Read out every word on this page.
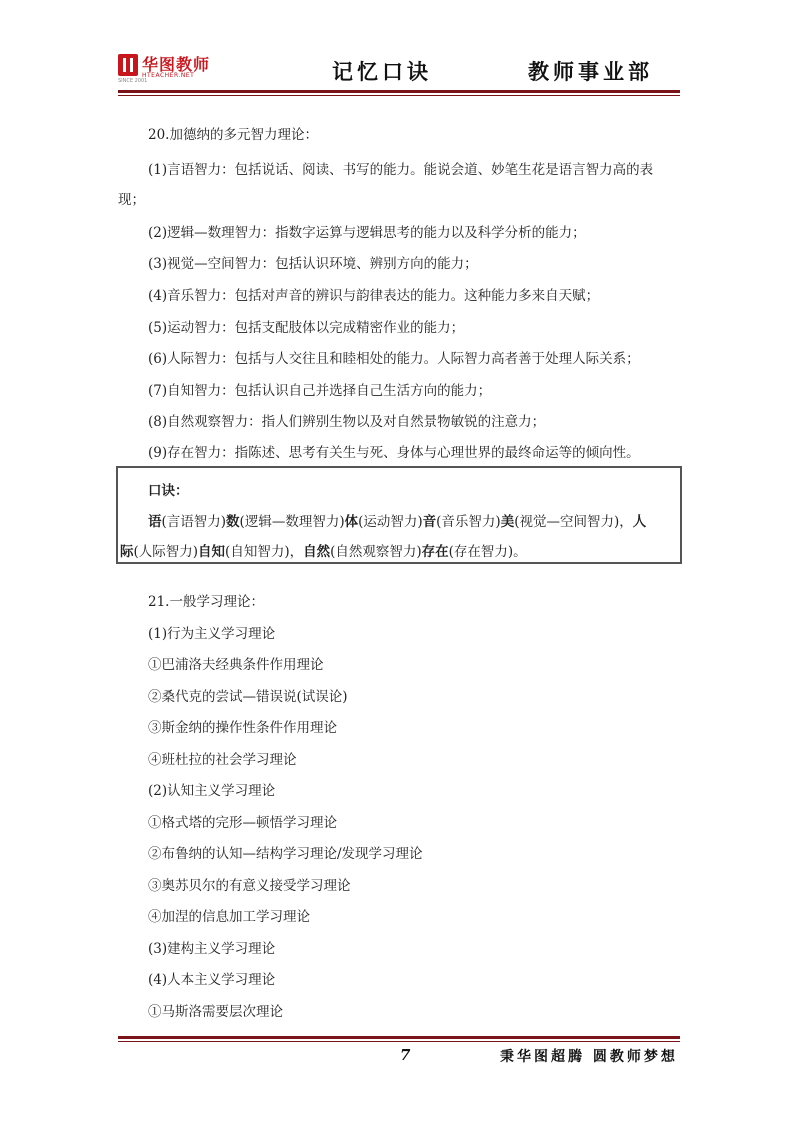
SINCE 2001
华图教师
HTEACHER.NET	记忆口诀	教师事业部
20.加德纳的多元智力理论：
(1)言语智力：包括说话、阅读、书写的能力。能说会道、妙笔生花是语言智力高的表
现；
(2)逻辑—数理智力：指数字运算与逻辑思考的能力以及科学分析的能力；
(3)视觉—空间智力：包括认识环境、辨别方向的能力；
(4)音乐智力：包括对声音的辨识与韵律表达的能力。这种能力多来自天赋；
(5)运动智力：包括支配肢体以完成精密作业的能力；
(6)人际智力：包括与人交往且和睦相处的能力。人际智力高者善于处理人际关系；
(7)自知智力：包括认识自己并选择自己生活方向的能力；
(8)自然观察智力：指人们辨别生物以及对自然景物敏锐的注意力；
(9)存在智力：指陈述、思考有关生与死、身体与心理世界的最终命运等的倾向性。
口诀：
语(言语智力)数(逻辑—数理智力)体(运动智力)音(音乐智力)美(视觉—空间智力)，人
际(人际智力)自知(自知智力)，自然(自然观察智力)存在(存在智力)。
21.一般学习理论：
(1)行为主义学习理论
①巴浦洛夫经典条件作用理论
②桑代克的尝试—错误说(试误论)
③斯金纳的操作性条件作用理论
④班杜拉的社会学习理论
(2)认知主义学习理论
①格式塔的完形—顿悟学习理论
②布鲁纳的认知—结构学习理论/发现学习理论
③奥苏贝尔的有意义接受学习理论
④加涅的信息加工学习理论
(3)建构主义学习理论
(4)人本主义学习理论
①马斯洛需要层次理论
7	秉华图超腾 圆教师梦想
